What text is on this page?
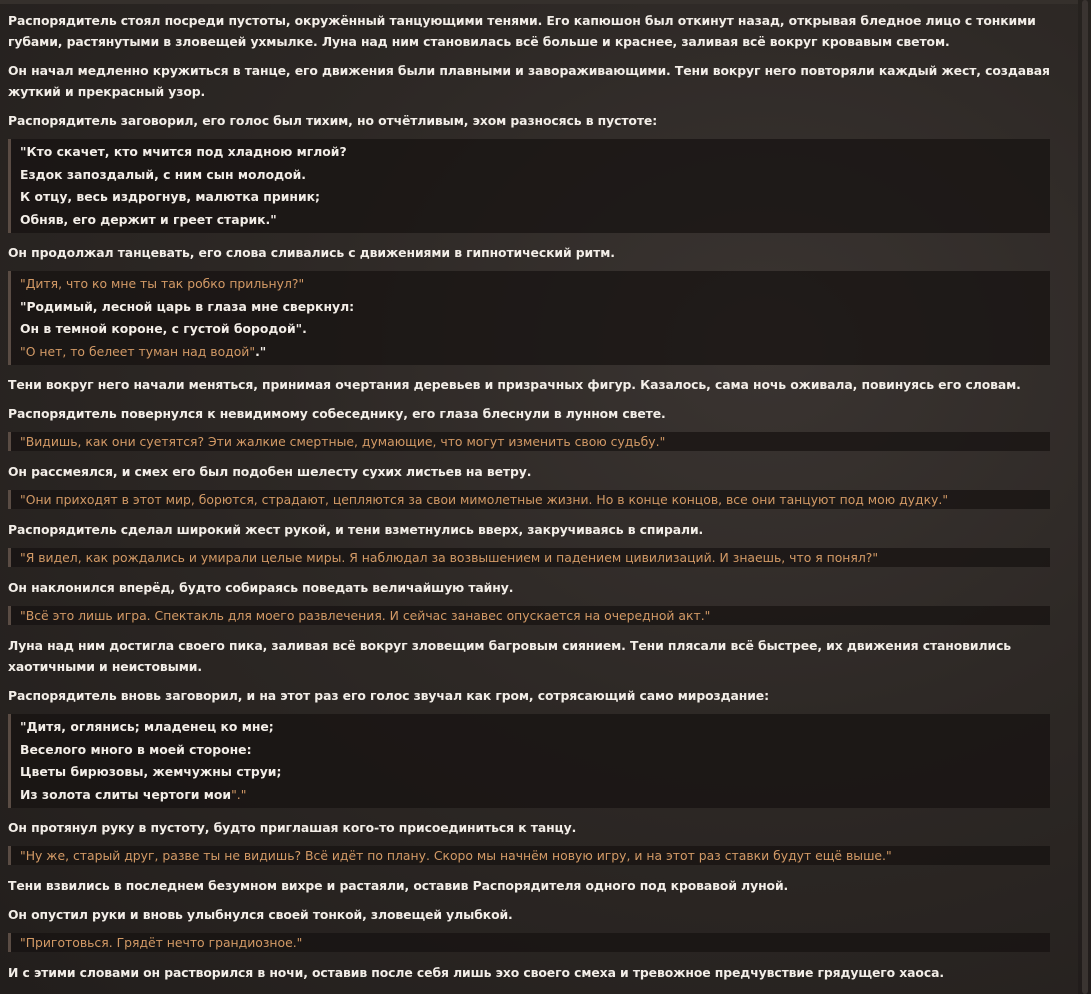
Распорядитель стоял посреди пустоты, окружённый танцующими тенями. Его капюшон был откинут назад, открывая бледное лицо с тонкими губами, растянутыми в зловещей ухмылке. Луна над ним становилась всё больше и краснее, заливая всё вокруг кровавым светом.

Он начал медленно кружиться в танце, его движения были плавными и завораживающими. Тени вокруг него повторяли каждый жест, создавая жуткий и прекрасный узор.

Распорядитель заговорил, его голос был тихим, но отчётливым, эхом разносясь в пустоте:

"Кто скачет, кто мчится под хладною мглой?
Ездок запоздалый, с ним сын молодой.
К отцу, весь издрогнув, малютка приник;
Обняв, его держит и греет старик."

Он продолжал танцевать, его слова сливались с движениями в гипнотический ритм.

"Дитя, что ко мне ты так робко прильнул?"
"Родимый, лесной царь в глаза мне сверкнул:
Он в темной короне, с густой бородой".
"О нет, то белеет туман над водой"."

Тени вокруг него начали меняться, принимая очертания деревьев и призрачных фигур. Казалось, сама ночь оживала, повинуясь его словам.

Распорядитель повернулся к невидимому собеседнику, его глаза блеснули в лунном свете.

"Видишь, как они суетятся? Эти жалкие смертные, думающие, что могут изменить свою судьбу."

Он рассмеялся, и смех его был подобен шелесту сухих листьев на ветру.

"Они приходят в этот мир, борются, страдают, цепляются за свои мимолетные жизни. Но в конце концов, все они танцуют под мою дудку."

Распорядитель сделал широкий жест рукой, и тени взметнулись вверх, закручиваясь в спирали.

"Я видел, как рождались и умирали целые миры. Я наблюдал за возвышением и падением цивилизаций. И знаешь, что я понял?"

Он наклонился вперёд, будто собираясь поведать величайшую тайну.

"Всё это лишь игра. Спектакль для моего развлечения. И сейчас занавес опускается на очередной акт."

Луна над ним достигла своего пика, заливая всё вокруг зловещим багровым сиянием. Тени плясали всё быстрее, их движения становились хаотичными и неистовыми.

Распорядитель вновь заговорил, и на этот раз его голос звучал как гром, сотрясающий само мироздание:

"Дитя, оглянись; младенец ко мне;
Веселого много в моей стороне:
Цветы бирюзовы, жемчужны струи;
Из золота слиты чертоги мои"."

Он протянул руку в пустоту, будто приглашая кого-то присоединиться к танцу.

"Ну же, старый друг, разве ты не видишь? Всё идёт по плану. Скоро мы начнём новую игру, и на этот раз ставки будут ещё выше."

Тени взвились в последнем безумном вихре и растаяли, оставив Распорядителя одного под кровавой луной.

Он опустил руки и вновь улыбнулся своей тонкой, зловещей улыбкой.

"Приготовься. Грядёт нечто грандиозное."

И с этими словами он растворился в ночи, оставив после себя лишь эхо своего смеха и тревожное предчувствие грядущего хаоса.
